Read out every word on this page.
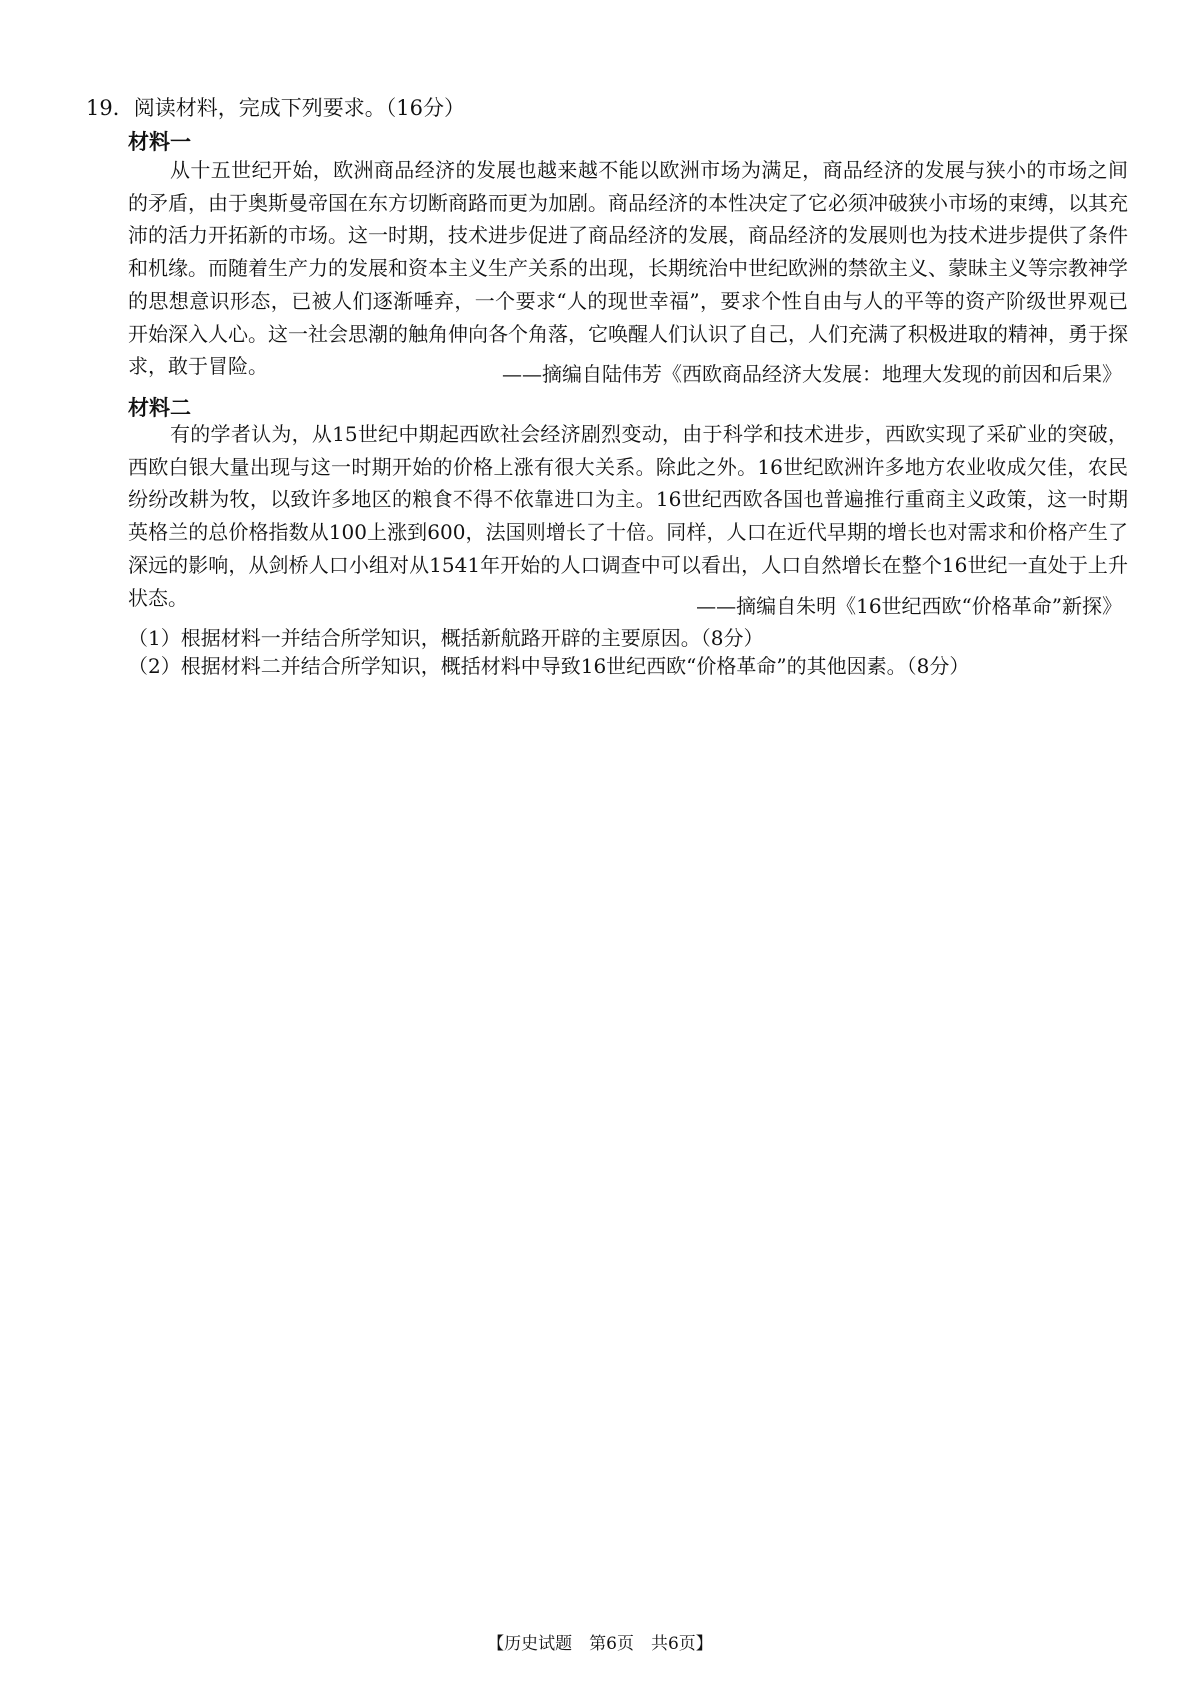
19．阅读材料，完成下列要求。（16分）
材料一

从十五世纪开始，欧洲商品经济的发展也越来越不能以欧洲市场为满足，商品经济的发展与狭小的市场之间的矛盾，由于奥斯曼帝国在东方切断商路而更为加剧。商品经济的本性决定了它必须冲破狭小市场的束缚，以其充沛的活力开拓新的市场。这一时期，技术进步促进了商品经济的发展，商品经济的发展则也为技术进步提供了条件和机缘。而随着生产力的发展和资本主义生产关系的出现，长期统治中世纪欧洲的禁欲主义、蒙昧主义等宗教神学的思想意识形态，已被人们逐渐唾弃，一个要求“人的现世幸福”，要求个性自由与人的平等的资产阶级世界观已开始深入人心。这一社会思潮的触角伸向各个角落，它唤醒人们认识了自己，人们充满了积极进取的精神，勇于探求，敢于冒险。	——摘编自陆伟芳《西欧商品经济大发展：地理大发现的前因和后果》
材料二

有的学者认为，从15世纪中期起西欧社会经济剧烈变动，由于科学和技术进步，西欧实现了采矿业的突破，西欧白银大量出现与这一时期开始的价格上涨有很大关系。除此之外。16世纪欧洲许多地方农业收成欠佳，农民纷纷改耕为牧，以致许多地区的粮食不得不依靠进口为主。16世纪西欧各国也普遍推行重商主义政策，这一时期英格兰的总价格指数从100上涨到600，法国则增长了十倍。同样，人口在近代早期的增长也对需求和价格产生了深远的影响，从剑桥人口小组对从1541年开始的人口调查中可以看出，人口自然增长在整个16世纪一直处于上升状态。	——摘编自朱明《16世纪西欧“价格革命”新探》
（1）根据材料一并结合所学知识，概括新航路开辟的主要原因。（8分）
（2）根据材料二并结合所学知识，概括材料中导致16世纪西欧“价格革命”的其他因素。（8分）
【历史试题　第6页　共6页】
